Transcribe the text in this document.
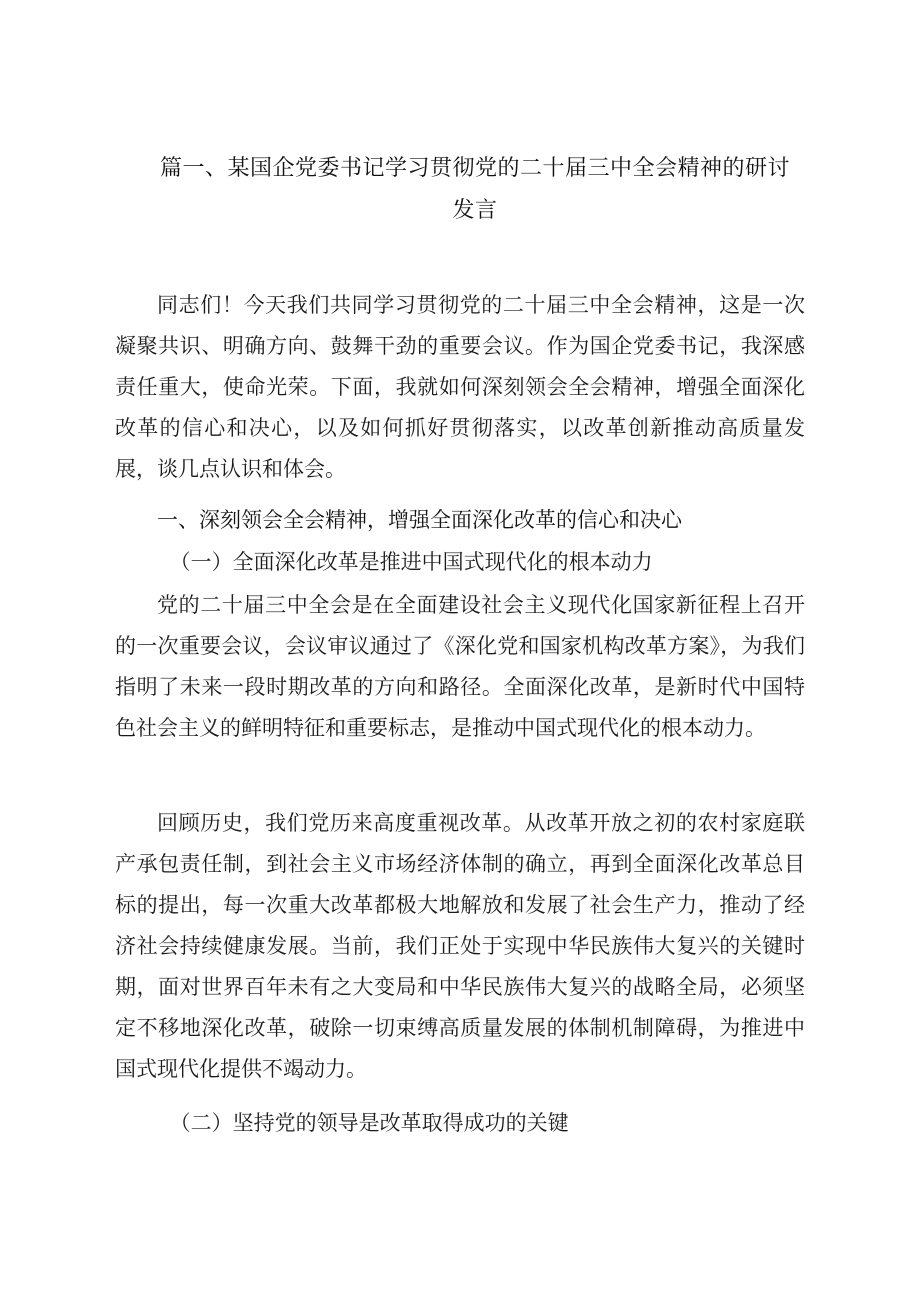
篇一、某国企党委书记学习贯彻党的二十届三中全会精神的研讨
发言

同志们！今天我们共同学习贯彻党的二十届三中全会精神，这是一次凝聚共识、明确方向、鼓舞干劲的重要会议。作为国企党委书记，我深感责任重大，使命光荣。下面，我就如何深刻领会全会精神，增强全面深化改革的信心和决心，以及如何抓好贯彻落实，以改革创新推动高质量发展，谈几点认识和体会。

一、深刻领会全会精神，增强全面深化改革的信心和决心

（一）全面深化改革是推进中国式现代化的根本动力

党的二十届三中全会是在全面建设社会主义现代化国家新征程上召开的一次重要会议，会议审议通过了《深化党和国家机构改革方案》，为我们指明了未来一段时期改革的方向和路径。全面深化改革，是新时代中国特色社会主义的鲜明特征和重要标志，是推动中国式现代化的根本动力。

回顾历史，我们党历来高度重视改革。从改革开放之初的农村家庭联产承包责任制，到社会主义市场经济体制的确立，再到全面深化改革总目标的提出，每一次重大改革都极大地解放和发展了社会生产力，推动了经济社会持续健康发展。当前，我们正处于实现中华民族伟大复兴的关键时期，面对世界百年未有之大变局和中华民族伟大复兴的战略全局，必须坚定不移地深化改革，破除一切束缚高质量发展的体制机制障碍，为推进中国式现代化提供不竭动力。

（二）坚持党的领导是改革取得成功的关键
